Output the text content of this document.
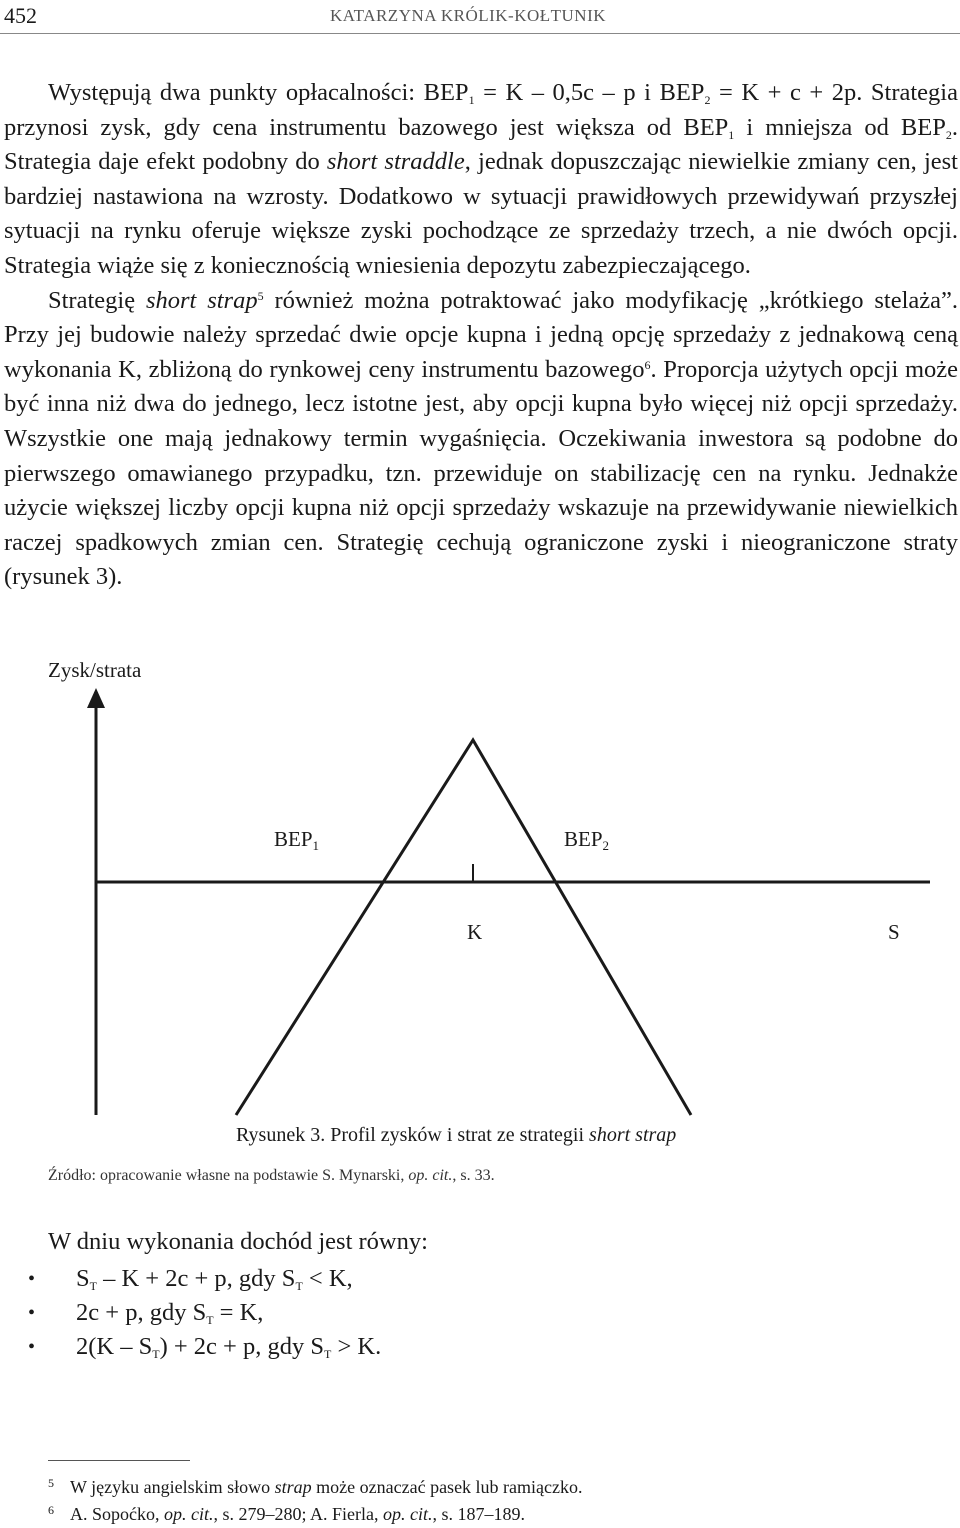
452	KATARZYNA KRÓLIK-KOŁTUNIK

Występują dwa punkty opłacalności: $BEP_1 = K - 0,5c - p$ i $BEP_2 = K + c + 2p$. Strategia przynosi zysk, gdy cena instrumentu bazowego jest większa od $BEP_1$ i mniejsza od $BEP_2$. Strategia daje efekt podobny do short straddle, jednak dopuszczając niewielkie zmiany cen, jest bardziej nastawiona na wzrosty. Dodatkowo w sytuacji prawidłowych przewidywań przyszłej sytuacji na rynku oferuje większe zyski pochodzące ze sprzedaży trzech, a nie dwóch opcji. Strategia wiąże się z koniecznością wniesienia depozytu zabezpieczającego.

Strategię short strap$^5$ również można potraktować jako modyfikację „krótkiego stelaża”. Przy jej budowie należy sprzedać dwie opcje kupna i jedną opcję sprzedaży z jednakową ceną wykonania K, zbliżoną do rynkowej ceny instrumentu bazowego$^6$. Proporcja użytych opcji może być inna niż dwa do jednego, lecz istotne jest, aby opcji kupna było więcej niż opcji sprzedaży. Wszystkie one mają jednakowy termin wygaśnięcia. Oczekiwania inwestora są podobne do pierwszego omawianego przypadku, tzn. przewiduje on stabilizację cen na rynku. Jednakże użycie większej liczby opcji kupna niż opcji sprzedaży wskazuje na przewidywanie niewielkich raczej spadkowych zmian cen. Strategię cechują ograniczone zyski i nieograniczone straty (rysunek 3).

Zysk/strata
$BEP_1$	$BEP_2$
K	S
Rysunek 3. Profil zysków i strat ze strategii short strap
Źródło: opracowanie własne na podstawie S. Mynarski, op. cit., s. 33.
W dniu wykonania dochód jest równy:
• $S_T - K + 2c + p$, gdy $S_T < K$,
• 2c + p, gdy $S_T = K$,
• $2(K - S_T) + 2c + p$, gdy $S_T > K$.
5 W języku angielskim słowo strap może oznaczać pasek lub ramiączko.
6 A. Sopoćko, op. cit., s. 279–280; A. Fierla, op. cit., s. 187–189.
